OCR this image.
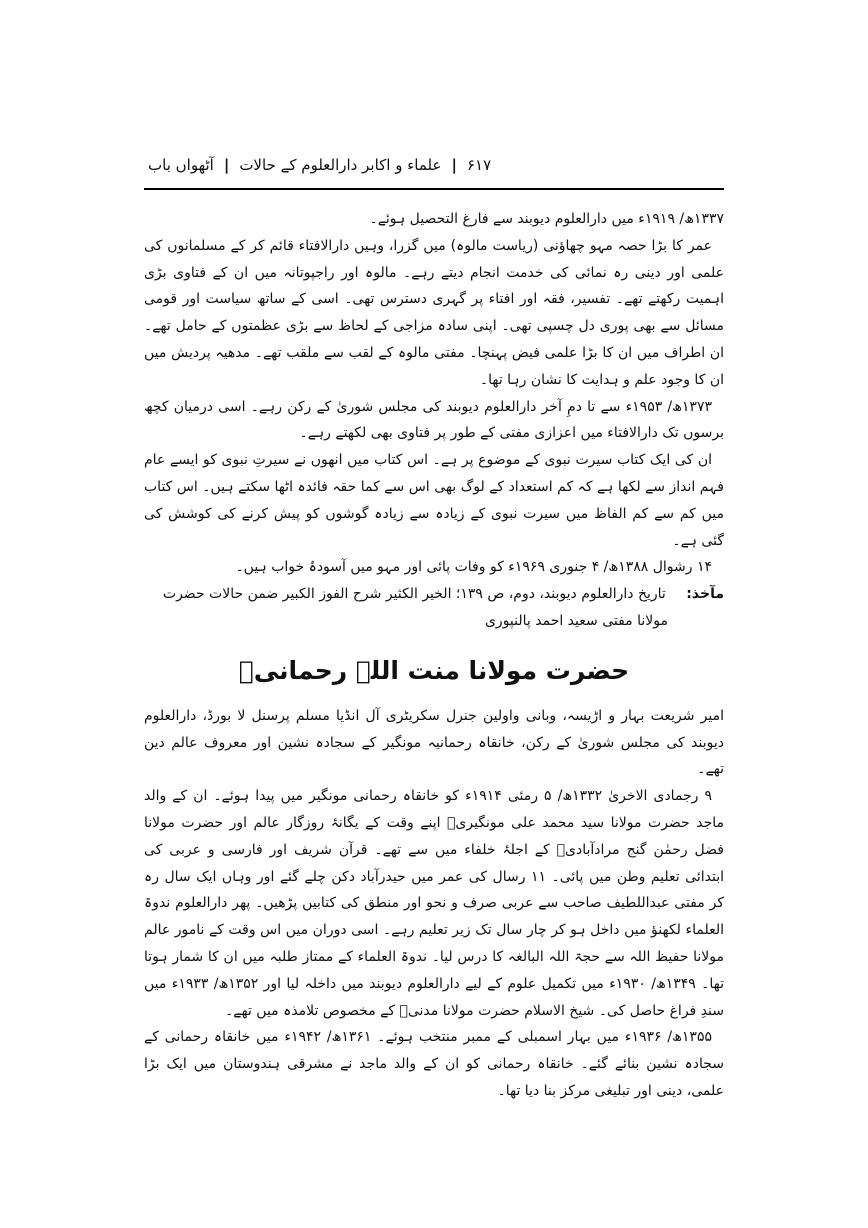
آٹھواں باب | علماء و اکابر دارالعلوم کے حالات | ۶۱۷

۱۳۳۷ھ/ ۱۹۱۹ء میں دارالعلوم دیوبند سے فارغ التحصیل ہوئے۔

عمر کا بڑا حصہ مہو چھاؤنی (ریاست مالوہ) میں گزرا، وہیں دارالافتاء قائم کر کے مسلمانوں کی علمی اور دینی رہ نمائی کی خدمت انجام دیتے رہے۔ مالوہ اور راجپوتانہ میں ان کے فتاوی بڑی اہمیت رکھتے تھے۔ تفسیر، فقہ اور افتاء پر گہری دسترس تھی۔ اسی کے ساتھ سیاست اور قومی مسائل سے بھی پوری دل چسپی تھی۔ اپنی سادہ مزاجی کے لحاظ سے بڑی عظمتوں کے حامل تھے۔ ان اطراف میں ان کا بڑا علمی فیض پہنچا۔ مفتی مالوہ کے لقب سے ملقب تھے۔ مدھیہ پردیش میں ان کا وجود علم و ہدایت کا نشان رہا تھا۔

۱۳۷۳ھ/ ۱۹۵۳ء سے تا دمِ آخر دارالعلوم دیوبند کی مجلس شوریٰ کے رکن رہے۔ اسی درمیان کچھ برسوں تک دارالافتاء میں اعزازی مفتی کے طور پر فتاوی بھی لکھتے رہے۔

ان کی ایک کتاب سیرت نبوی کے موضوع پر ہے۔ اس کتاب میں انھوں نے سیرتِ نبوی کو ایسے عام فہم انداز سے لکھا ہے کہ کم استعداد کے لوگ بھی اس سے کما حقہ فائدہ اٹھا سکتے ہیں۔ اس کتاب میں کم سے کم الفاظ میں سیرت نبوی کے زیادہ سے زیادہ گوشوں کو پیش کرنے کی کوشش کی گئی ہے۔

۱۴ رشوال ۱۳۸۸ھ/ ۴ جنوری ۱۹۶۹ء کو وفات پائی اور مہو میں آسودۂ خواب ہیں۔

مآخذ: تاریخ دارالعلوم دیوبند، دوم، ص ۱۳۹؛ الخیر الکثیر شرح الفوز الکبیر ضمن حالات حضرت
مولانا مفتی سعید احمد پالنپوری

حضرت مولانا منت اللہ رحمانیؒ

امیر شریعت بہار و اڑیسہ، وبانی واولین جنرل سکریٹری آل انڈیا مسلم پرسنل لا بورڈ، دارالعلوم دیوبند کی مجلس شوریٰ کے رکن، خانقاہ رحمانیہ مونگیر کے سجادہ نشین اور معروف عالم دین تھے۔

۹ رجمادی الاخریٰ ۱۳۳۲ھ/ ۵ رمئی ۱۹۱۴ء کو خانقاہ رحمانی مونگیر میں پیدا ہوئے۔ ان کے والد ماجد حضرت مولانا سید محمد علی مونگیریؒ اپنے وقت کے یگانۂ روزگار عالم اور حضرت مولانا فضل رحمٰن گنج مرادآبادیؒ کے اجلۂ خلفاء میں سے تھے۔ قرآن شریف اور فارسی و عربی کی ابتدائی تعلیم وطن میں پائی۔ ۱۱ رسال کی عمر میں حیدرآباد دکن چلے گئے اور وہاں ایک سال رہ کر مفتی عبداللطیف صاحب سے عربی صرف و نحو اور منطق کی کتابیں پڑھیں۔ پھر دارالعلوم ندوۃ العلماء لکھنؤ میں داخل ہو کر چار سال تک زیر تعلیم رہے۔ اسی دوران میں اس وقت کے نامور عالم مولانا حفیظ اللہ سے حجۃ اللہ البالغہ کا درس لیا۔ ندوۃ العلماء کے ممتاز طلبہ میں ان کا شمار ہوتا تھا۔ ۱۳۴۹ھ/ ۱۹۳۰ء میں تکمیل علوم کے لیے دارالعلوم دیوبند میں داخلہ لیا اور ۱۳۵۲ھ/ ۱۹۳۳ء میں سندِ فراغ حاصل کی۔ شیخ الاسلام حضرت مولانا مدنیؒ کے مخصوص تلامذہ میں تھے۔

۱۳۵۵ھ/ ۱۹۳۶ء میں بہار اسمبلی کے ممبر منتخب ہوئے۔ ۱۳۶۱ھ/ ۱۹۴۲ء میں خانقاہ رحمانی کے سجادہ نشین بنائے گئے۔ خانقاہ رحمانی کو ان کے والد ماجد نے مشرقی ہندوستان میں ایک بڑا علمی، دینی اور تبلیغی مرکز بنا دیا تھا۔
